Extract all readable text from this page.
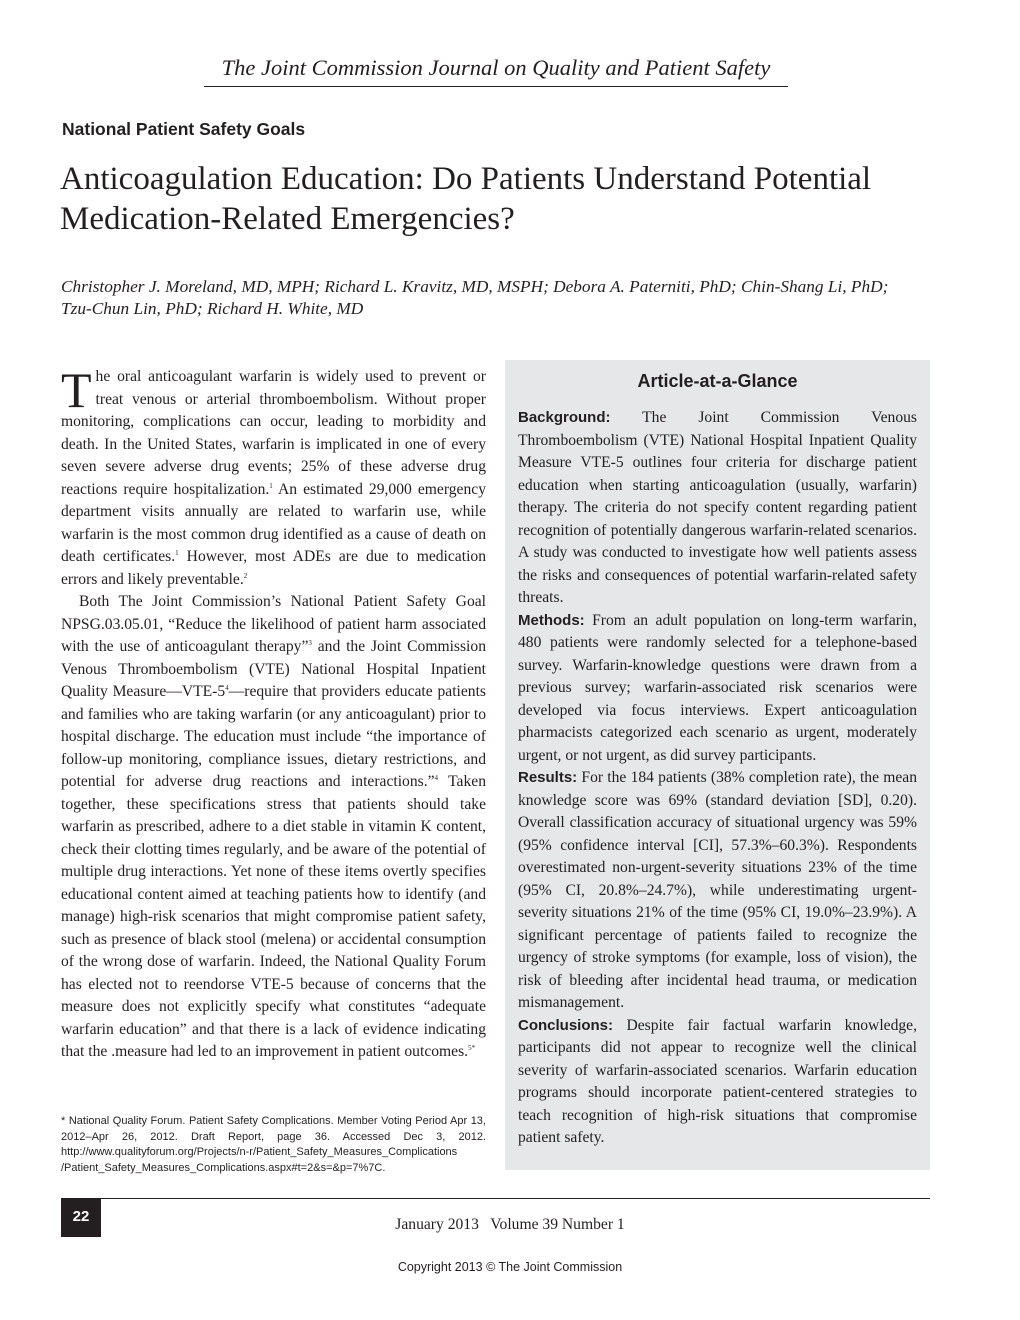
The Joint Commission Journal on Quality and Patient Safety
National Patient Safety Goals
Anticoagulation Education: Do Patients Understand Potential
Medication-Related Emergencies?
Christopher J. Moreland, MD, MPH; Richard L. Kravitz, MD, MSPH; Debora A. Paterniti, PhD; Chin-Shang Li, PhD;
Tzu-Chun Lin, PhD; Richard H. White, MD

The oral anticoagulant warfarin is widely used to prevent or treat venous or arterial thromboembolism. Without proper monitoring, complications can occur, leading to morbidity and death. In the United States, warfarin is implicated in one of every seven severe adverse drug events; 25% of these adverse drug reactions require hospitalization.$^1$ An estimated 29,000 emergency department visits annually are related to warfarin use, while warfarin is the most common drug identified as a cause of death on death certificates.$^1$ However, most ADEs are due to medication errors and likely preventable.$^2$

Both The Joint Commission’s National Patient Safety Goal NPSG.03.05.01, “Reduce the likelihood of patient harm associated with the use of anticoagulant therapy”$^3$ and the Joint Commission Venous Thromboembolism (VTE) National Hospital Inpatient Quality $Measure—VTE-5^4—require$ that providers educate patients and families who are taking warfarin (or any anticoagulant) prior to hospital discharge. The education must include “the importance of follow-up monitoring, compliance issues, dietary restrictions, and potential for adverse drug reactions and interactions.”$^4$ Taken together, these specifications stress that patients should take warfarin as prescribed, adhere to a diet stable in vitamin K content, check their clotting times regularly, and be aware of the potential of multiple drug interactions. Yet none of these items overtly specifies educational content aimed at teaching patients how to identify (and manage) high-risk scenarios that might compromise patient safety, such as presence of black stool (melena) or accidental consumption of the wrong dose of warfarin. Indeed, the National Quality Forum has elected not to reendorse VTE-5 because of concerns that the measure does not explicitly specify what constitutes “adequate warfarin education” and that there is a lack of evidence indicating that the .measure had led to an improvement in patient outcomes.$^{5*}$

* National Quality Forum. Patient Safety Complications. Member Voting Period Apr 13, 2012–Apr 26, 2012. Draft Report, page 36. Accessed Dec 3, 2012. http://www.qualityforum.org/Projects/n-r/Patient_Safety_Measures_Complications /Patient_Safety_Measures_Complications.aspx#t=2&s=&p=7%7C.
Article-at-a-Glance

Background: The Joint Commission Venous Thromboembolism (VTE) National Hospital Inpatient Quality Measure VTE-5 outlines four criteria for discharge patient education when starting anticoagulation (usually, warfarin) therapy. The criteria do not specify content regarding patient recognition of potentially dangerous warfarin-related scenarios. A study was conducted to investigate how well patients assess the risks and consequences of potential warfarin-related safety threats.

Methods: From an adult population on long-term warfarin, 480 patients were randomly selected for a telephone-based survey. Warfarin-knowledge questions were drawn from a previous survey; warfarin-associated risk scenarios were developed via focus interviews. Expert anticoagulation pharmacists categorized each scenario as urgent, moderately urgent, or not urgent, as did survey participants.

Results: For the 184 patients (38% completion rate), the mean knowledge score was 69% (standard deviation [SD], 0.20). Overall classification accuracy of situational urgency was 59% (95% confidence interval [CI], 57.3%–60.3%). Respondents overestimated non-urgent-severity situations 23% of the time (95% CI, 20.8%–24.7%), while underestimating urgent-severity situations 21% of the time (95% CI, 19.0%–23.9%). A significant percentage of patients failed to recognize the urgency of stroke symptoms (for example, loss of vision), the risk of bleeding after incidental head trauma, or medication mismanagement.

Conclusions: Despite fair factual warfarin knowledge, participants did not appear to recognize well the clinical severity of warfarin-associated scenarios. Warfarin education programs should incorporate patient-centered strategies to teach recognition of high-risk situations that compromise patient safety.

22	January 2013   Volume 39 Number 1
Copyright 2013 © The Joint Commission
